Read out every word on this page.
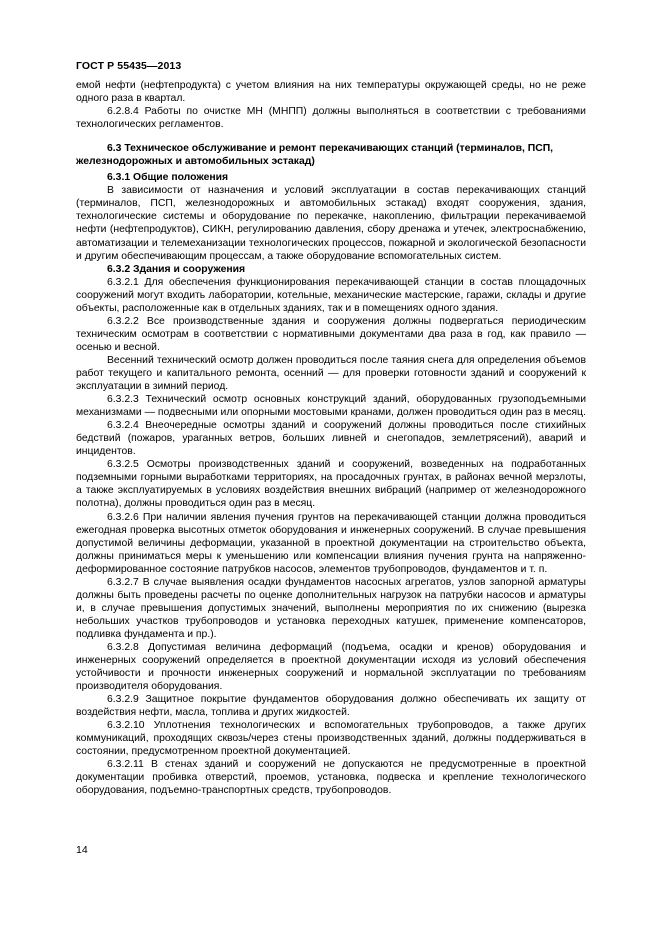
ГОСТ Р 55435—2013

емой нефти (нефтепродукта) с учетом влияния на них температуры окружающей среды, но не реже одного раза в квартал.

6.2.8.4 Работы по очистке МН (МНПП) должны выполняться в соответствии с требованиями технологических регламентов.

6.3 Техническое обслуживание и ремонт перекачивающих станций (терминалов, ПСП, железнодорожных и автомобильных эстакад)

6.3.1 Общие положения

В зависимости от назначения и условий эксплуатации в состав перекачивающих станций (терминалов, ПСП, железнодорожных и автомобильных эстакад) входят сооружения, здания, технологические системы и оборудование по перекачке, накоплению, фильтрации перекачиваемой нефти (нефтепродуктов), СИКН, регулированию давления, сбору дренажа и утечек, электроснабжению, автоматизации и телемеханизации технологических процессов, пожарной и экологической безопасности и другим обеспечивающим процессам, а также оборудование вспомогательных систем.

6.3.2 Здания и сооружения

6.3.2.1 Для обеспечения функционирования перекачивающей станции в состав площадочных сооружений могут входить лаборатории, котельные, механические мастерские, гаражи, склады и другие объекты, расположенные как в отдельных зданиях, так и в помещениях одного здания.

6.3.2.2 Все производственные здания и сооружения должны подвергаться периодическим техническим осмотрам в соответствии с нормативными документами два раза в год, как правило — осенью и весной.

Весенний технический осмотр должен проводиться после таяния снега для определения объемов работ текущего и капитального ремонта, осенний — для проверки готовности зданий и сооружений к эксплуатации в зимний период.

6.3.2.3 Технический осмотр основных конструкций зданий, оборудованных грузоподъемными механизмами — подвесными или опорными мостовыми кранами, должен проводиться один раз в месяц.

6.3.2.4 Внеочередные осмотры зданий и сооружений должны проводиться после стихийных бедствий (пожаров, ураганных ветров, больших ливней и снегопадов, землетрясений), аварий и инцидентов.

6.3.2.5 Осмотры производственных зданий и сооружений, возведенных на подработанных подземными горными выработками территориях, на просадочных грунтах, в районах вечной мерзлоты, а также эксплуатируемых в условиях воздействия внешних вибраций (например от железнодорожного полотна), должны проводиться один раз в месяц.

6.3.2.6 При наличии явления пучения грунтов на перекачивающей станции должна проводиться ежегодная проверка высотных отметок оборудования и инженерных сооружений. В случае превышения допустимой величины деформации, указанной в проектной документации на строительство объекта, должны приниматься меры к уменьшению или компенсации влияния пучения грунта на напряженно-деформированное состояние патрубков насосов, элементов трубопроводов, фундаментов и т. п.

6.3.2.7 В случае выявления осадки фундаментов насосных агрегатов, узлов запорной арматуры должны быть проведены расчеты по оценке дополнительных нагрузок на патрубки насосов и арматуры и, в случае превышения допустимых значений, выполнены мероприятия по их снижению (вырезка небольших участков трубопроводов и установка переходных катушек, применение компенсаторов, подливка фундамента и пр.).

6.3.2.8 Допустимая величина деформаций (подъема, осадки и кренов) оборудования и инженерных сооружений определяется в проектной документации исходя из условий обеспечения устойчивости и прочности инженерных сооружений и нормальной эксплуатации по требованиям производителя оборудования.

6.3.2.9 Защитное покрытие фундаментов оборудования должно обеспечивать их защиту от воздействия нефти, масла, топлива и других жидкостей.

6.3.2.10 Уплотнения технологических и вспомогательных трубопроводов, а также других коммуникаций, проходящих сквозь/через стены производственных зданий, должны поддерживаться в состоянии, предусмотренном проектной документацией.

6.3.2.11 В стенах зданий и сооружений не допускаются не предусмотренные в проектной документации пробивка отверстий, проемов, установка, подвеска и крепление технологического оборудования, подъемно-транспортных средств, трубопроводов.

14
